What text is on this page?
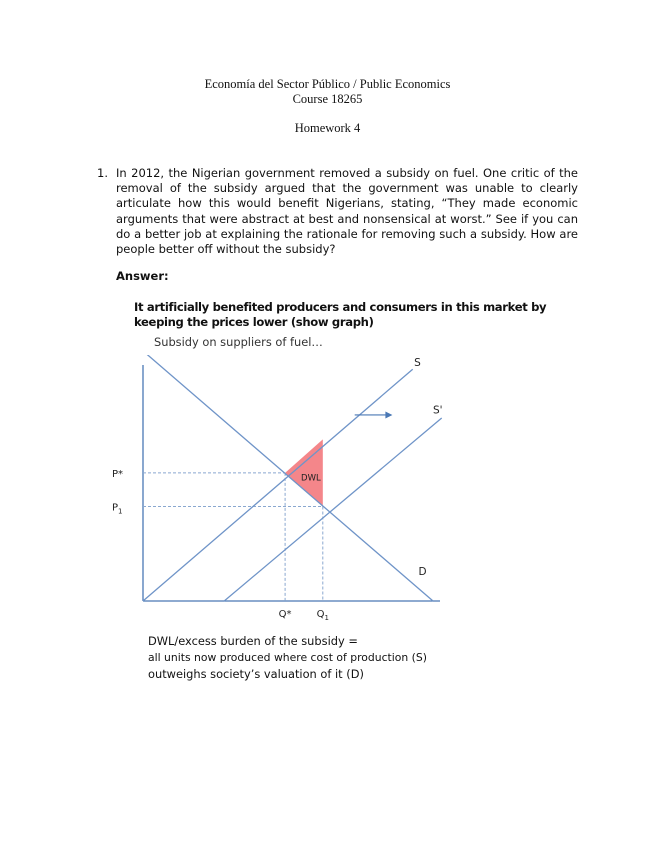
Economía del Sector Público / Public Economics
Course 18265
Homework 4
1. In 2012, the Nigerian government removed a subsidy on fuel. One critic of the removal of the subsidy argued that the government was unable to clearly articulate how this would benefit Nigerians, stating, “They made economic arguments that were abstract at best and nonsensical at worst.” See if you can do a better job at explaining the rationale for removing such a subsidy. How are people better off without the subsidy?
Answer:
It artificially benefited producers and consumers in this market by keeping the prices lower (show graph)
Subsidy on suppliers of fuel…
S
S'
D
DWL
P*
$P_1$
Q*	$Q_1$
DWL/excess burden of the subsidy =
all units now produced where cost of production (S)
outweighs society’s valuation of it (D)
